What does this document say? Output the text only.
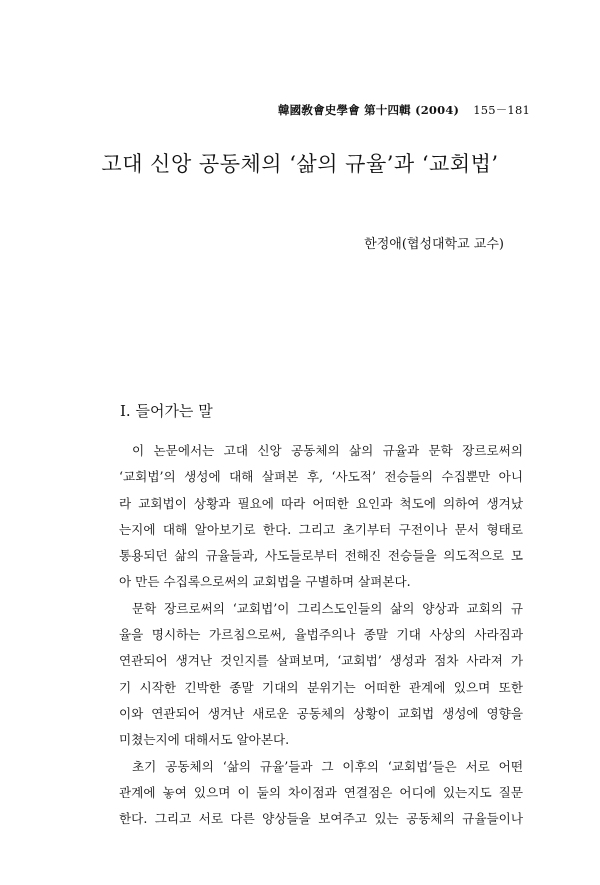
韓國敎會史學會 第十四輯 (2004) 155－181
고대 신앙 공동체의 ‘삶의 규율’과 ‘교회법’
한정애(협성대학교 교수)
I. 들어가는 말
이 논문에서는 고대 신앙 공동체의 삶의 규율과 문학 장르로써의
‘교회법’의 생성에 대해 살펴본 후, ‘사도적’ 전승들의 수집뿐만 아니
라 교회법이 상황과 필요에 따라 어떠한 요인과 척도에 의하여 생겨났
는지에 대해 알아보기로 한다. 그리고 초기부터 구전이나 문서 형태로
통용되던 삶의 규율들과, 사도들로부터 전해진 전승들을 의도적으로 모
아 만든 수집록으로써의 교회법을 구별하며 살펴본다.
문학 장르로써의 ‘교회법’이 그리스도인들의 삶의 양상과 교회의 규
율을 명시하는 가르침으로써, 율법주의나 종말 기대 사상의 사라짐과
연관되어 생겨난 것인지를 살펴보며, ‘교회법’ 생성과 점차 사라져 가
기 시작한 긴박한 종말 기대의 분위기는 어떠한 관계에 있으며 또한
이와 연관되어 생겨난 새로운 공동체의 상황이 교회법 생성에 영향을
미쳤는지에 대해서도 알아본다.
초기 공동체의 ‘삶의 규율’들과 그 이후의 ‘교회법’들은 서로 어떤
관계에 놓여 있으며 이 둘의 차이점과 연결점은 어디에 있는지도 질문
한다. 그리고 서로 다른 양상들을 보여주고 있는 공동체의 규율들이나
